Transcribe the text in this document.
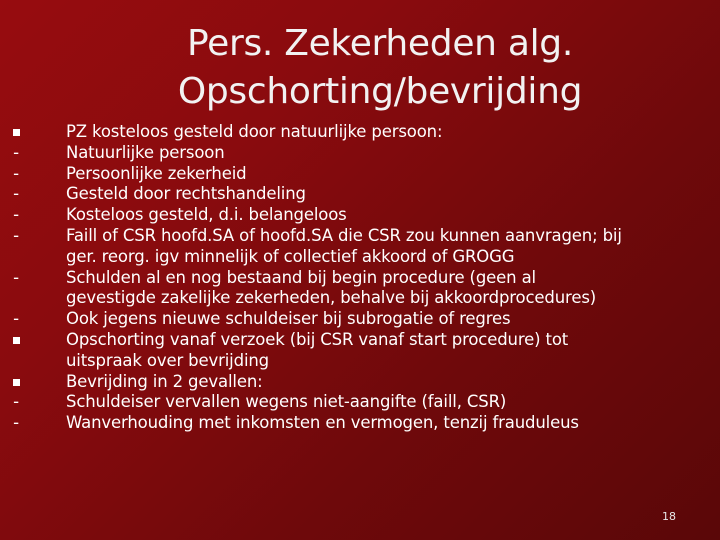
Pers. Zekerheden alg.
Opschorting/bevrijding
PZ kosteloos gesteld door natuurlijke persoon:
-	Natuurlijke persoon
-	Persoonlijke zekerheid
-	Gesteld door rechtshandeling
-	Kosteloos gesteld, d.i. belangeloos
-	Faill of CSR hoofd.SA of hoofd.SA die CSR zou kunnen aanvragen; bij
ger. reorg. igv minnelijk of collectief akkoord of GROGG
-	Schulden al en nog bestaand bij begin procedure (geen al
gevestigde zakelijke zekerheden, behalve bij akkoordprocedures)
-	Ook jegens nieuwe schuldeiser bij subrogatie of regres
Opschorting vanaf verzoek (bij CSR vanaf start procedure) tot
uitspraak over bevrijding
Bevrijding in 2 gevallen:
-	Schuldeiser vervallen wegens niet-aangifte (faill, CSR)
-	Wanverhouding met inkomsten en vermogen, tenzij frauduleus
18
